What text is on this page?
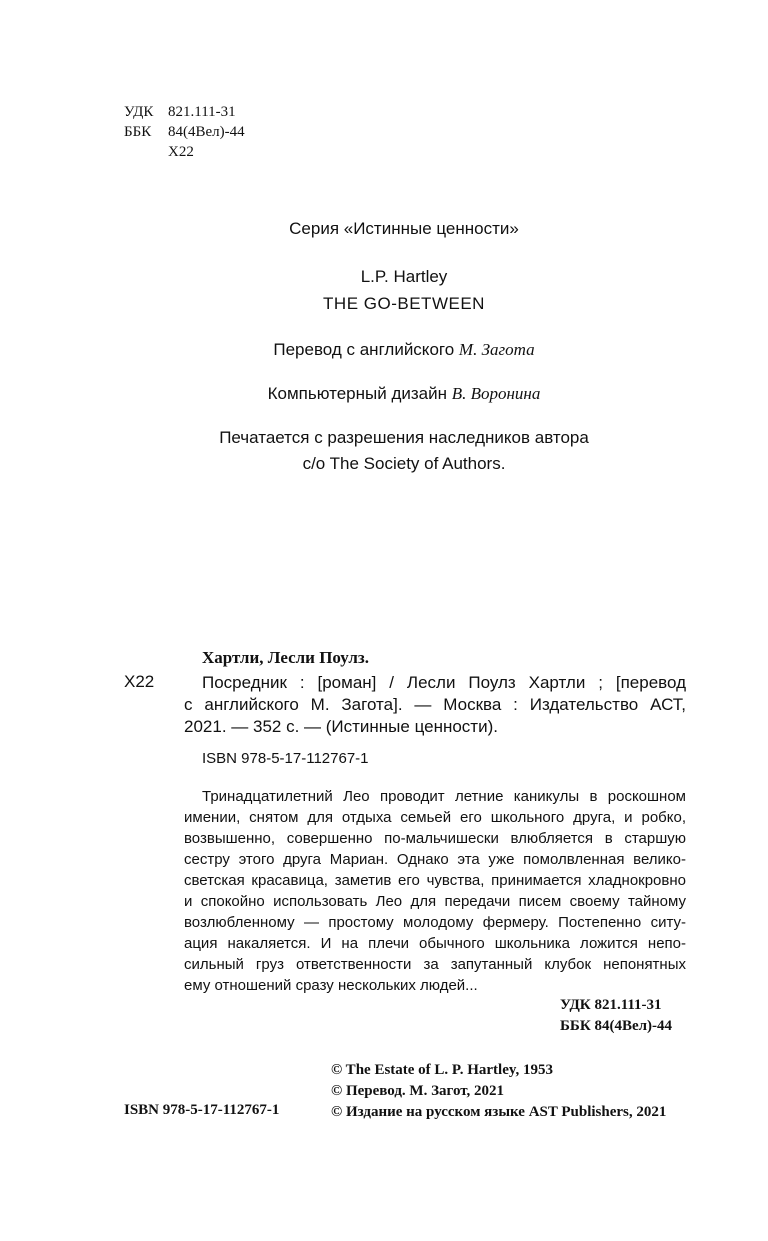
УДК 821.111-31
ББК	84(4Вел)-44
Х22
Серия «Истинные ценности»
L.P. Hartley
THE GO-BETWEEN
Перевод с английского М. Загота
Компьютерный дизайн В. Воронина
Печатается с разрешения наследников автора
c/o The Society of Authors.
Хартли, Лесли Поулз.
Х22	Посредник : [роман] / Лесли Поулз Хартли ; [перевод
с английского М. Загота]. — Москва : Издательство АСТ,
2021. — 352 с. — (Истинные ценности).
ISBN 978-5-17-112767-1
Тринадцатилетний Лео проводит летние каникулы в роскошном
имении, снятом для отдыха семьей его школьного друга, и робко,
возвышенно, совершенно по-мальчишески влюбляется в старшую
сестру этого друга Мариан. Однако эта уже помолвленная велико-
светская красавица, заметив его чувства, принимается хладнокровно
и спокойно использовать Лео для передачи писем своему тайному
возлюбленному — простому молодому фермеру. Постепенно ситу-
ация накаляется. И на плечи обычного школьника ложится непо-
сильный груз ответственности за запутанный клубок непонятных
ему отношений сразу нескольких людей...
УДК 821.111-31
ББК 84(4Вел)-44
© The Estate of L. P. Hartley, 1953
© Перевод. М. Загот, 2021
© Издание на русском языке AST Publishers, 2021
ISBN 978-5-17-112767-1
